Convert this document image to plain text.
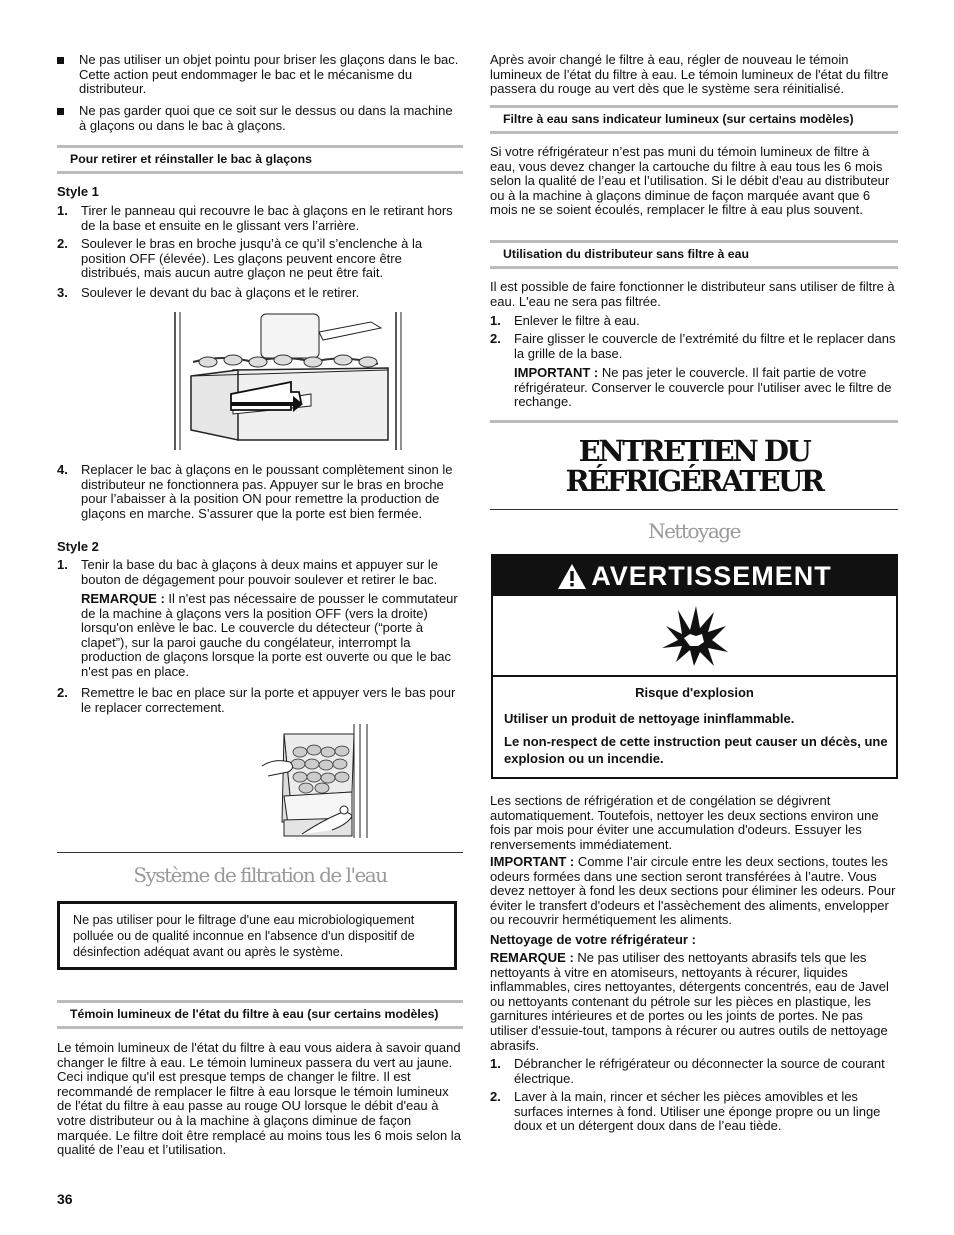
Ne pas utiliser un objet pointu pour briser les glaçons dans le bac. Cette action peut endommager le bac et le mécanisme du distributeur.
Ne pas garder quoi que ce soit sur le dessus ou dans la machine à glaçons ou dans le bac à glaçons.
Pour retirer et réinstaller le bac à glaçons
Style 1
1. Tirer le panneau qui recouvre le bac à glaçons en le retirant hors de la base et ensuite en le glissant vers l’arrière.
2. Soulever le bras en broche jusqu’à ce qu’il s’enclenche à la position OFF (élevée). Les glaçons peuvent encore être distribués, mais aucun autre glaçon ne peut être fait.
3. Soulever le devant du bac à glaçons et le retirer.
4. Replacer le bac à glaçons en le poussant complètement sinon le distributeur ne fonctionnera pas. Appuyer sur le bras en broche pour l’abaisser à la position ON pour remettre la production de glaçons en marche. S’assurer que la porte est bien fermée.
Style 2
1. Tenir la base du bac à glaçons à deux mains et appuyer sur le bouton de dégagement pour pouvoir soulever et retirer le bac.
REMARQUE : Il n'est pas nécessaire de pousser le commutateur de la machine à glaçons vers la position OFF (vers la droite) lorsqu'on enlève le bac. Le couvercle du détecteur (“porte à clapet”), sur la paroi gauche du congélateur, interrompt la production de glaçons lorsque la porte est ouverte ou que le bac n'est pas en place.
2. Remettre le bac en place sur la porte et appuyer vers le bas pour le replacer correctement.
Système de filtration de l'eau
Ne pas utiliser pour le filtrage d'une eau microbiologiquement polluée ou de qualité inconnue en l'absence d'un dispositif de désinfection adéquat avant ou après le système.
Témoin lumineux de l'état du filtre à eau (sur certains modèles)
Le témoin lumineux de l'état du filtre à eau vous aidera à savoir quand changer le filtre à eau. Le témoin lumineux passera du vert au jaune. Ceci indique qu'il est presque temps de changer le filtre. Il est recommandé de remplacer le filtre à eau lorsque le témoin lumineux de l'état du filtre à eau passe au rouge OU lorsque le débit d'eau à votre distributeur ou à la machine à glaçons diminue de façon marquée. Le filtre doit être remplacé au moins tous les 6 mois selon la qualité de l’eau et l’utilisation.
36
Après avoir changé le filtre à eau, régler de nouveau le témoin lumineux de l’état du filtre à eau. Le témoin lumineux de l'état du filtre passera du rouge au vert dès que le système sera réinitialisé.
Filtre à eau sans indicateur lumineux (sur certains modèles)
Si votre réfrigérateur n’est pas muni du témoin lumineux de filtre à eau, vous devez changer la cartouche du filtre à eau tous les 6 mois selon la qualité de l’eau et l’utilisation. Si le débit d'eau au distributeur ou à la machine à glaçons diminue de façon marquée avant que 6 mois ne se soient écoulés, remplacer le filtre à eau plus souvent.
Utilisation du distributeur sans filtre à eau
Il est possible de faire fonctionner le distributeur sans utiliser de filtre à eau. L'eau ne sera pas filtrée.
1. Enlever le filtre à eau.
2. Faire glisser le couvercle de l’extrémité du filtre et le replacer dans la grille de la base.
IMPORTANT : Ne pas jeter le couvercle. Il fait partie de votre réfrigérateur. Conserver le couvercle pour l'utiliser avec le filtre de rechange.
ENTRETIEN DU
RÉFRIGÉRATEUR
Nettoyage
AVERTISSEMENT
Risque d'explosion
Utiliser un produit de nettoyage ininflammable.
Le non-respect de cette instruction peut causer un décès, une explosion ou un incendie.
Les sections de réfrigération et de congélation se dégivrent automatiquement. Toutefois, nettoyer les deux sections environ une fois par mois pour éviter une accumulation d'odeurs. Essuyer les renversements immédiatement.
IMPORTANT : Comme l’air circule entre les deux sections, toutes les odeurs formées dans une section seront transférées à l’autre. Vous devez nettoyer à fond les deux sections pour éliminer les odeurs. Pour éviter le transfert d'odeurs et l'assèchement des aliments, envelopper ou recouvrir hermétiquement les aliments.
Nettoyage de votre réfrigérateur :
REMARQUE : Ne pas utiliser des nettoyants abrasifs tels que les nettoyants à vitre en atomiseurs, nettoyants à récurer, liquides inflammables, cires nettoyantes, détergents concentrés, eau de Javel ou nettoyants contenant du pétrole sur les pièces en plastique, les garnitures intérieures et de portes ou les joints de portes. Ne pas utiliser d'essuie-tout, tampons à récurer ou autres outils de nettoyage abrasifs.
1. Débrancher le réfrigérateur ou déconnecter la source de courant électrique.
2. Laver à la main, rincer et sécher les pièces amovibles et les surfaces internes à fond. Utiliser une éponge propre ou un linge doux et un détergent doux dans de l’eau tiède.
